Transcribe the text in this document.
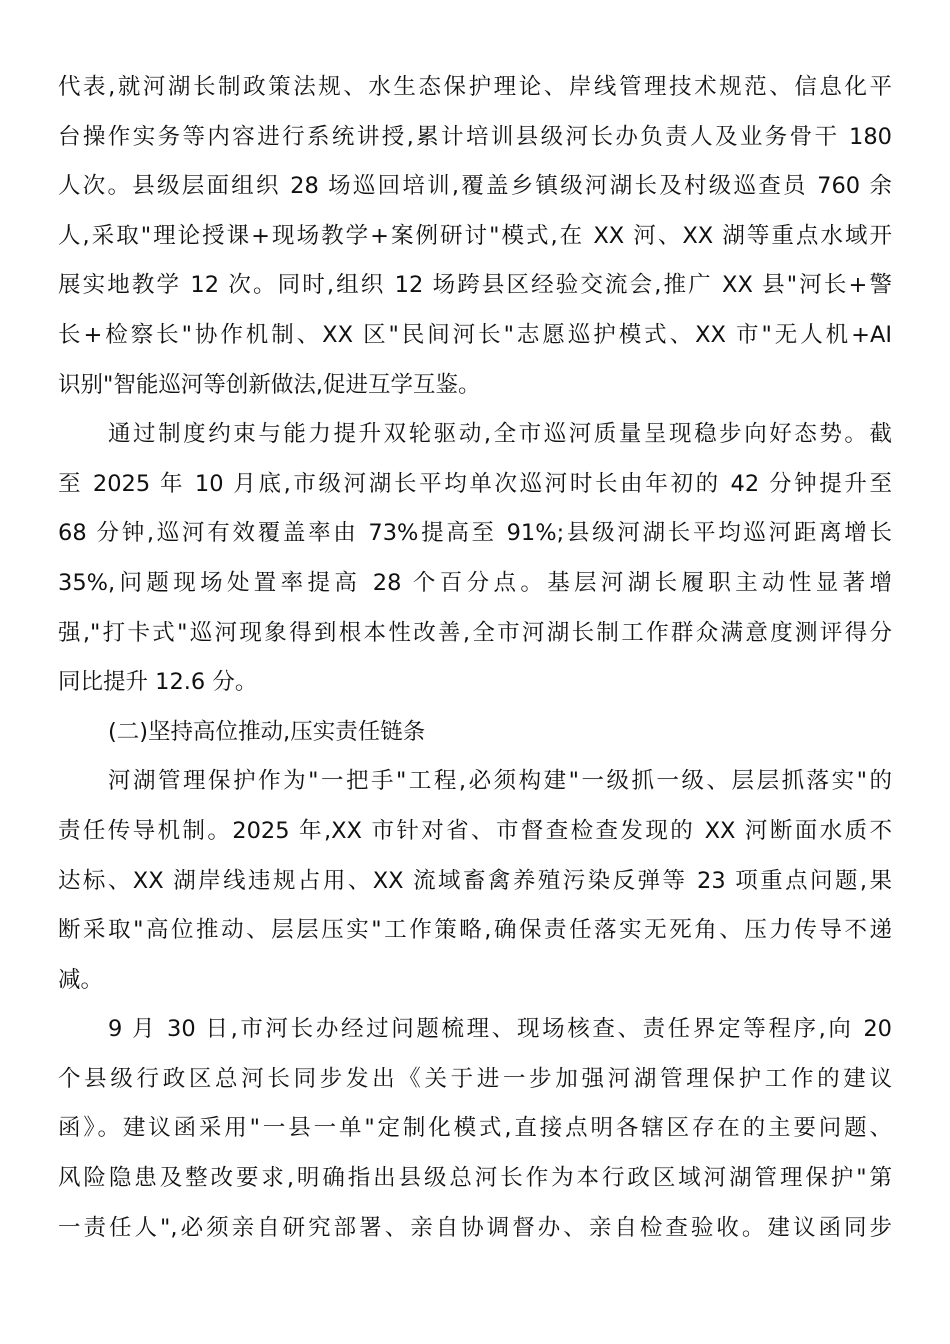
代表,就河湖长制政策法规、水生态保护理论、岸线管理技术规范、信息化平
台操作实务等内容进行系统讲授,累计培训县级河长办负责人及业务骨干 180
人次。县级层面组织 28 场巡回培训,覆盖乡镇级河湖长及村级巡查员 760 余
人,采取"理论授课+现场教学+案例研讨"模式,在 XX 河、XX 湖等重点水域开
展实地教学 12 次。同时,组织 12 场跨县区经验交流会,推广 XX 县"河长+警
长+检察长"协作机制、XX 区"民间河长"志愿巡护模式、XX 市"无人机+AI
识别"智能巡河等创新做法,促进互学互鉴。
通过制度约束与能力提升双轮驱动,全市巡河质量呈现稳步向好态势。截
至 2025 年 10 月底,市级河湖长平均单次巡河时长由年初的 42 分钟提升至
68 分钟,巡河有效覆盖率由 73%提高至 91%;县级河湖长平均巡河距离增长
35%,问题现场处置率提高 28 个百分点。基层河湖长履职主动性显著增
强,"打卡式"巡河现象得到根本性改善,全市河湖长制工作群众满意度测评得分
同比提升 12.6 分。
(二)坚持高位推动,压实责任链条
河湖管理保护作为"一把手"工程,必须构建"一级抓一级、层层抓落实"的
责任传导机制。2025 年,XX 市针对省、市督查检查发现的 XX 河断面水质不
达标、XX 湖岸线违规占用、XX 流域畜禽养殖污染反弹等 23 项重点问题,果
断采取"高位推动、层层压实"工作策略,确保责任落实无死角、压力传导不递
减。
9 月 30 日,市河长办经过问题梳理、现场核查、责任界定等程序,向 20
个县级行政区总河长同步发出《关于进一步加强河湖管理保护工作的建议
函》。建议函采用"一县一单"定制化模式,直接点明各辖区存在的主要问题、
风险隐患及整改要求,明确指出县级总河长作为本行政区域河湖管理保护"第
一责任人",必须亲自研究部署、亲自协调督办、亲自检查验收。建议函同步
